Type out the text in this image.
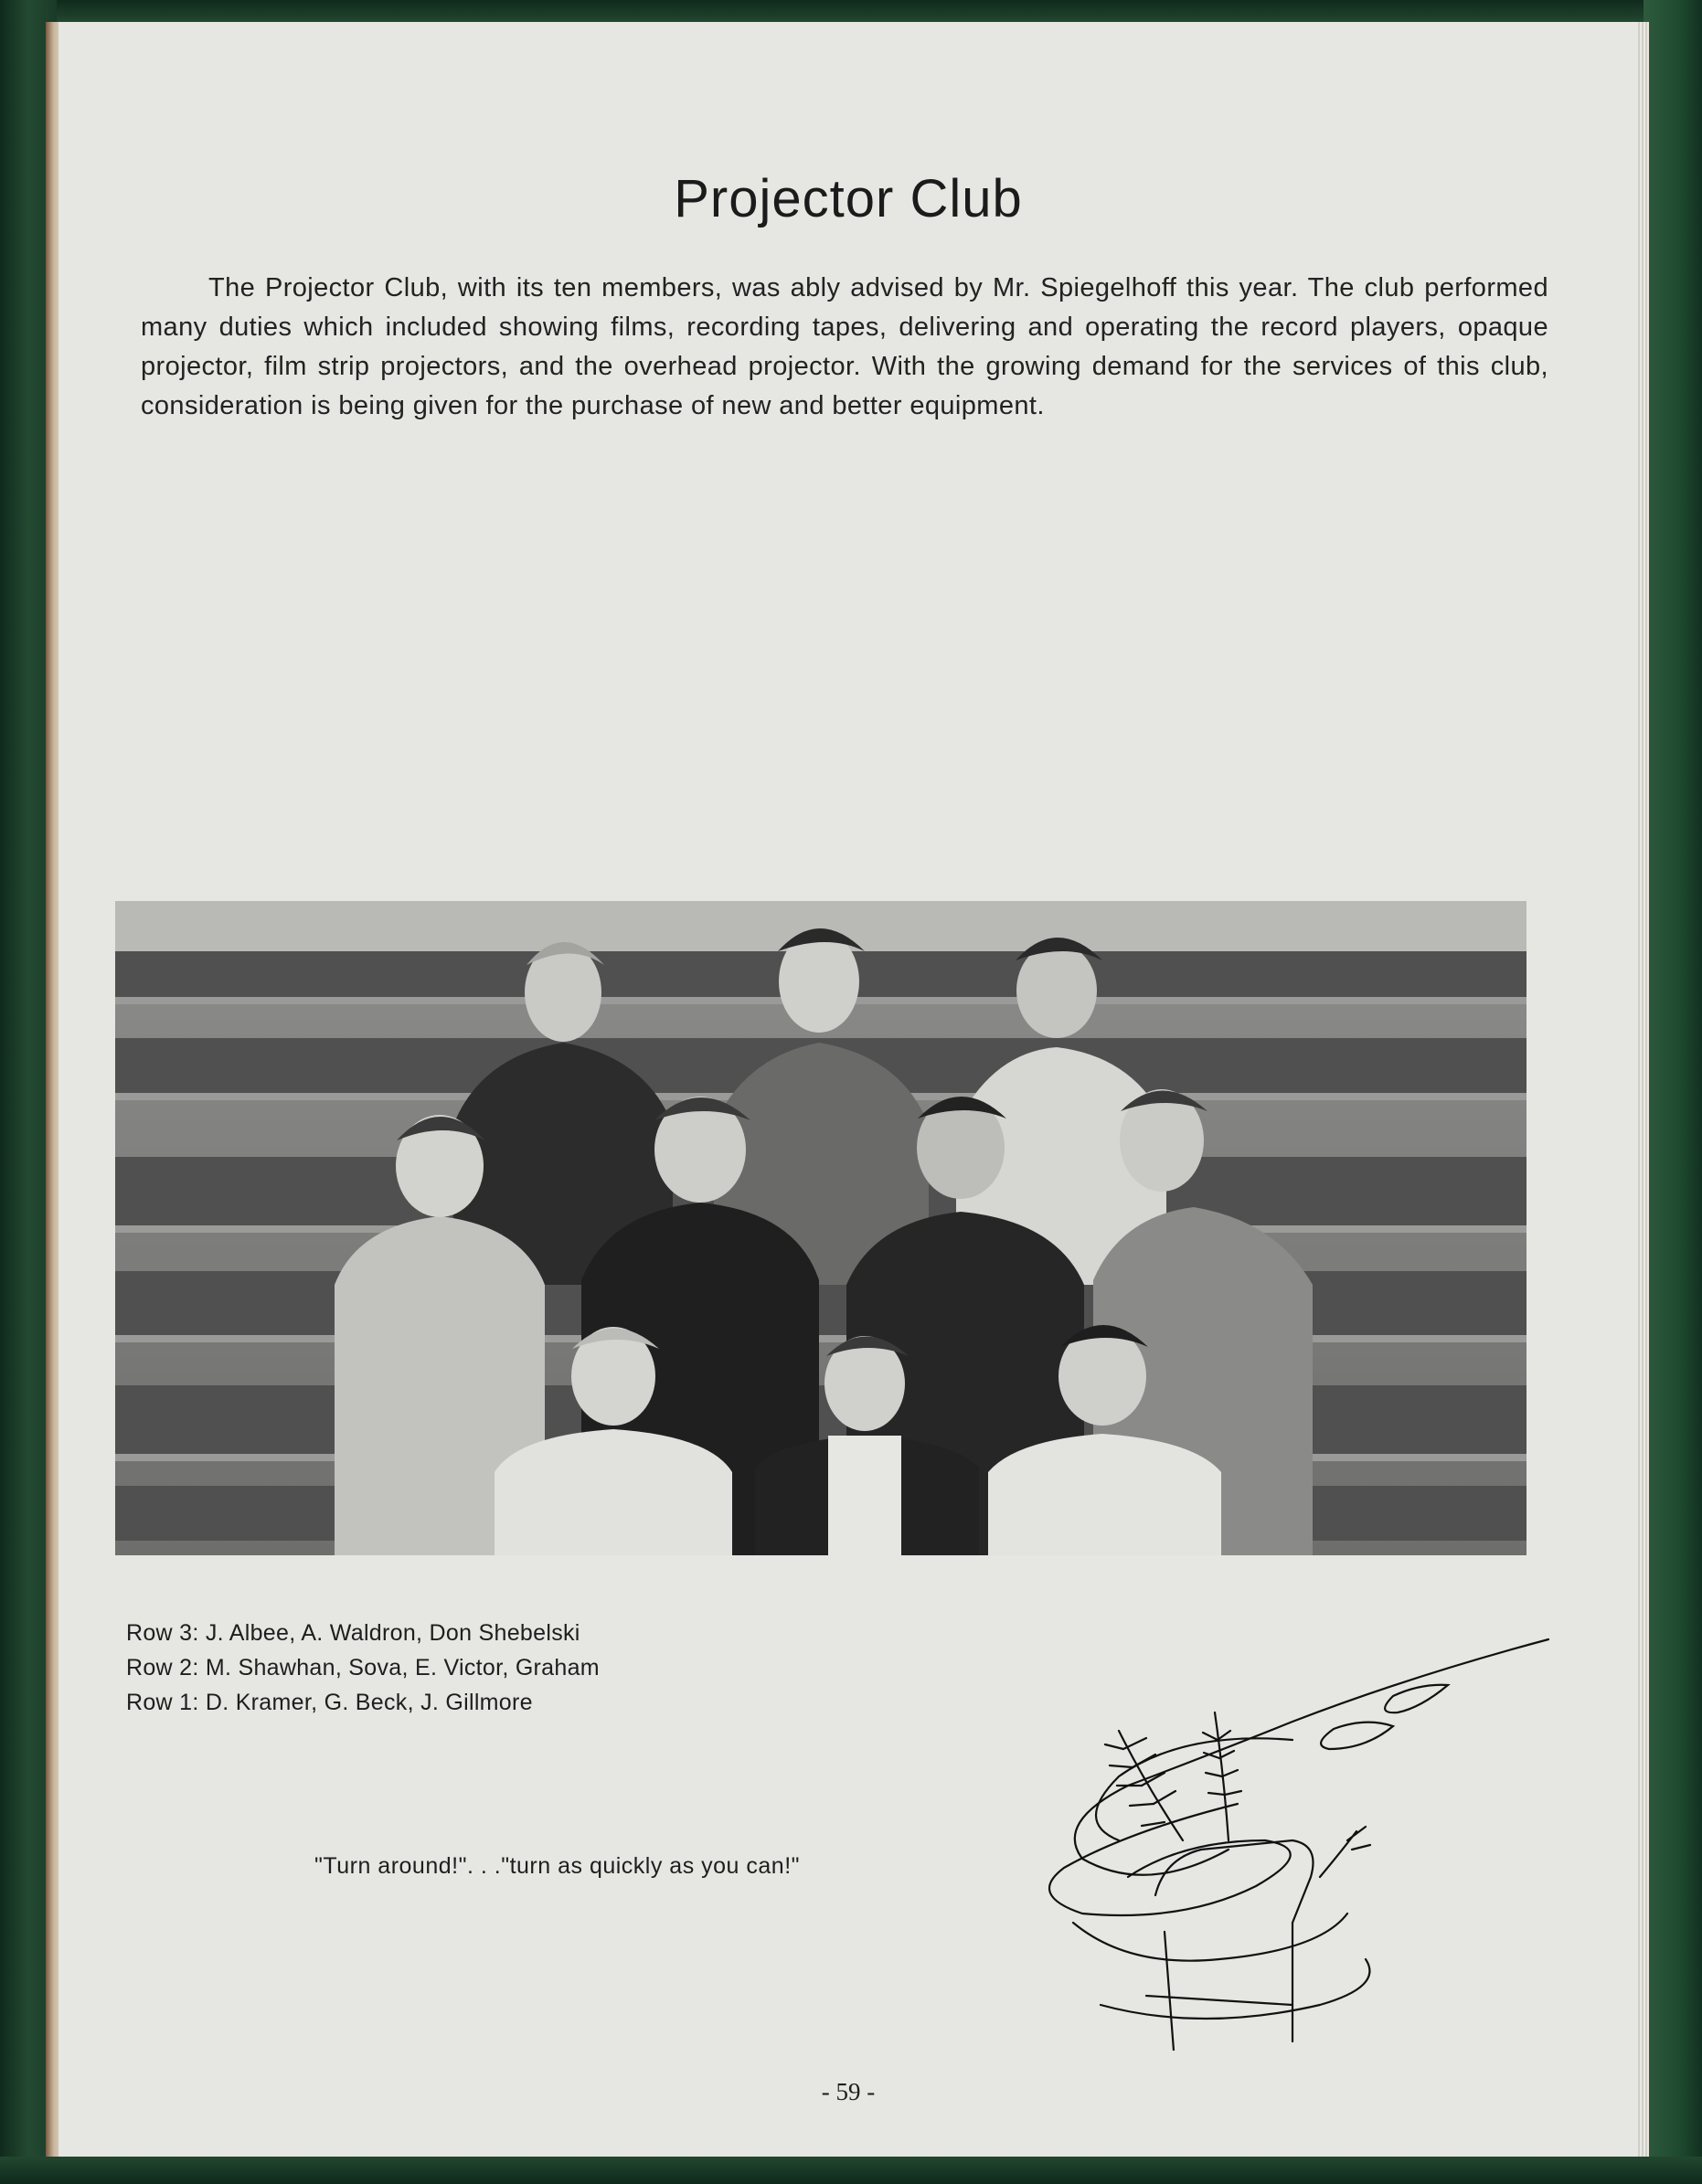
Projector Club
The Projector Club, with its ten members, was ably advised by Mr. Spiegelhoff this year. The club performed many duties which included showing films, recording tapes, delivering and operating the record players, opaque projector, film strip projectors, and the overhead projector. With the growing demand for the services of this club, consideration is being given for the purchase of new and better equipment.
Row 3: J. Albee, A. Waldron, Don Shebelski
Row 2: M. Shawhan, Sova, E. Victor, Graham
Row 1: D. Kramer, G. Beck, J. Gillmore
"Turn around!". . ."turn as quickly as you can!"
- 59 -
